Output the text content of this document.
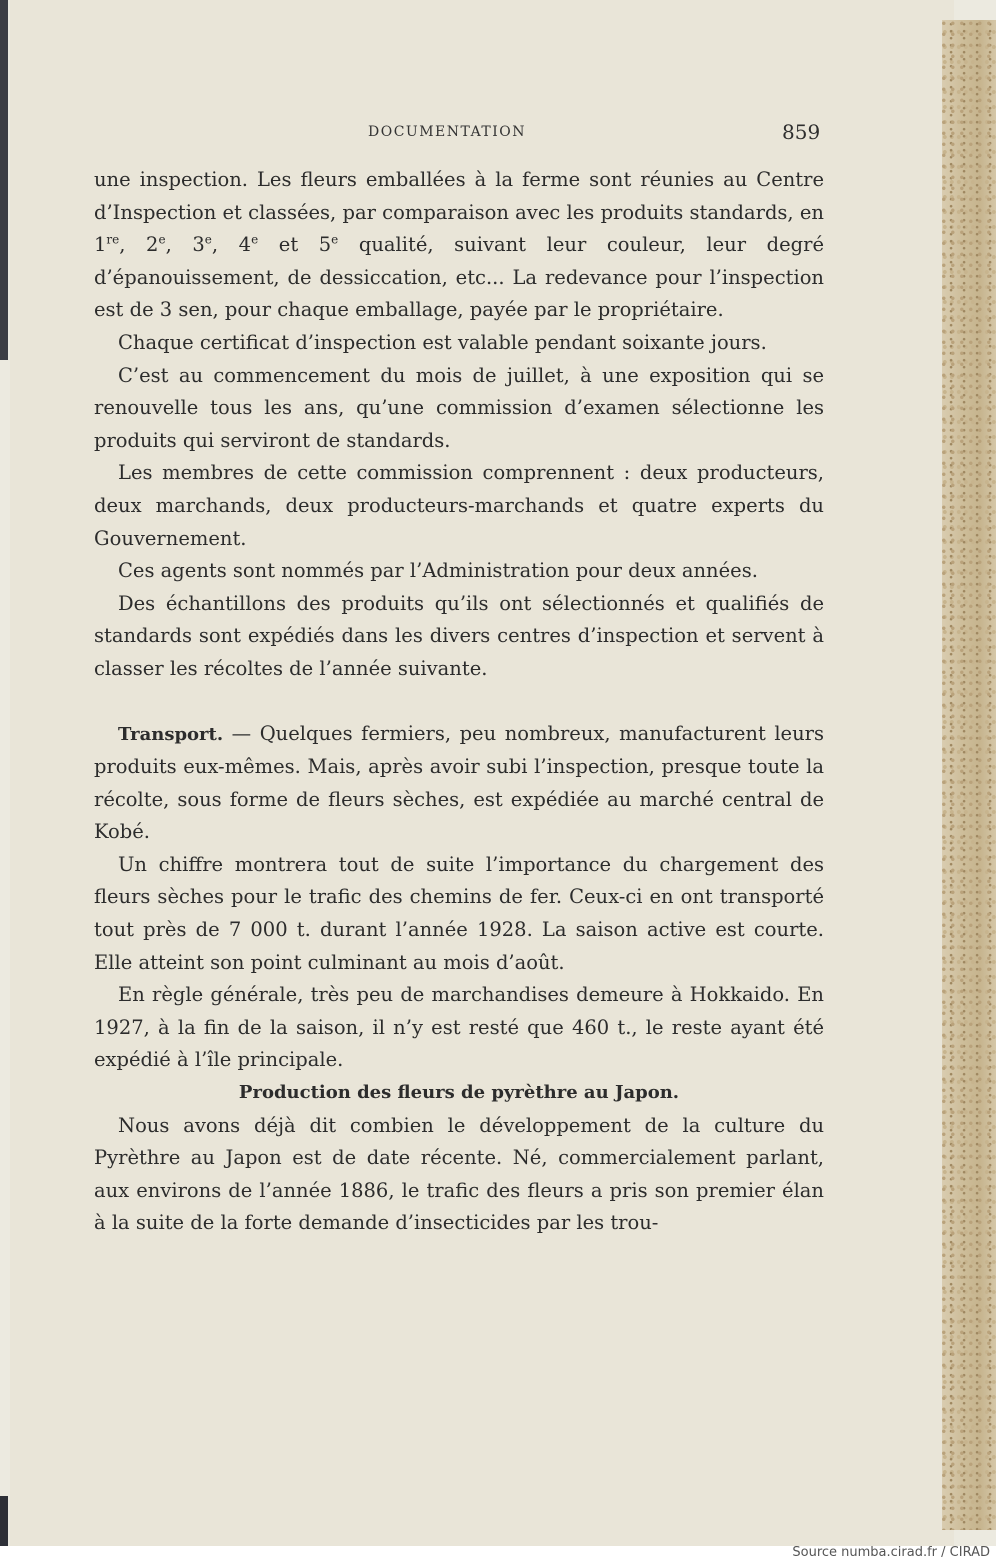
DOCUMENTATION	859

une inspection. Les fleurs emballées à la ferme sont réunies au Centre d’Inspection et classées, par comparaison avec les produits standards, en 1re, 2e, 3e, 4e et 5e qualité, suivant leur couleur, leur degré d’épanouissement, de dessiccation, etc... La redevance pour l’inspection est de 3 sen, pour chaque emballage, payée par le propriétaire.

Chaque certificat d’inspection est valable pendant soixante jours.

C’est au commencement du mois de juillet, à une exposition qui se renouvelle tous les ans, qu’une commission d’examen sélectionne les produits qui serviront de standards.

Les membres de cette commission comprennent : deux producteurs, deux marchands, deux producteurs-marchands et quatre experts du Gouvernement.

Ces agents sont nommés par l’Administration pour deux années.

Des échantillons des produits qu’ils ont sélectionnés et qualifiés de standards sont expédiés dans les divers centres d’inspection et servent à classer les récoltes de l’année suivante.

Transport. — Quelques fermiers, peu nombreux, manufacturent leurs produits eux-mêmes. Mais, après avoir subi l’inspection, presque toute la récolte, sous forme de fleurs sèches, est expédiée au marché central de Kobé.

Un chiffre montrera tout de suite l’importance du chargement des fleurs sèches pour le trafic des chemins de fer. Ceux-ci en ont transporté tout près de 7 000 t. durant l’année 1928. La saison active est courte. Elle atteint son point culminant au mois d’août.

En règle générale, très peu de marchandises demeure à Hokkaido. En 1927, à la fin de la saison, il n’y est resté que 460 t., le reste ayant été expédié à l’île principale.

Production des fleurs de pyrèthre au Japon.

Nous avons déjà dit combien le développement de la culture du Pyrèthre au Japon est de date récente. Né, commercialement parlant, aux environs de l’année 1886, le trafic des fleurs a pris son premier élan à la suite de la forte demande d’insecticides par les trou-

Source numba.cirad.fr / CIRAD
